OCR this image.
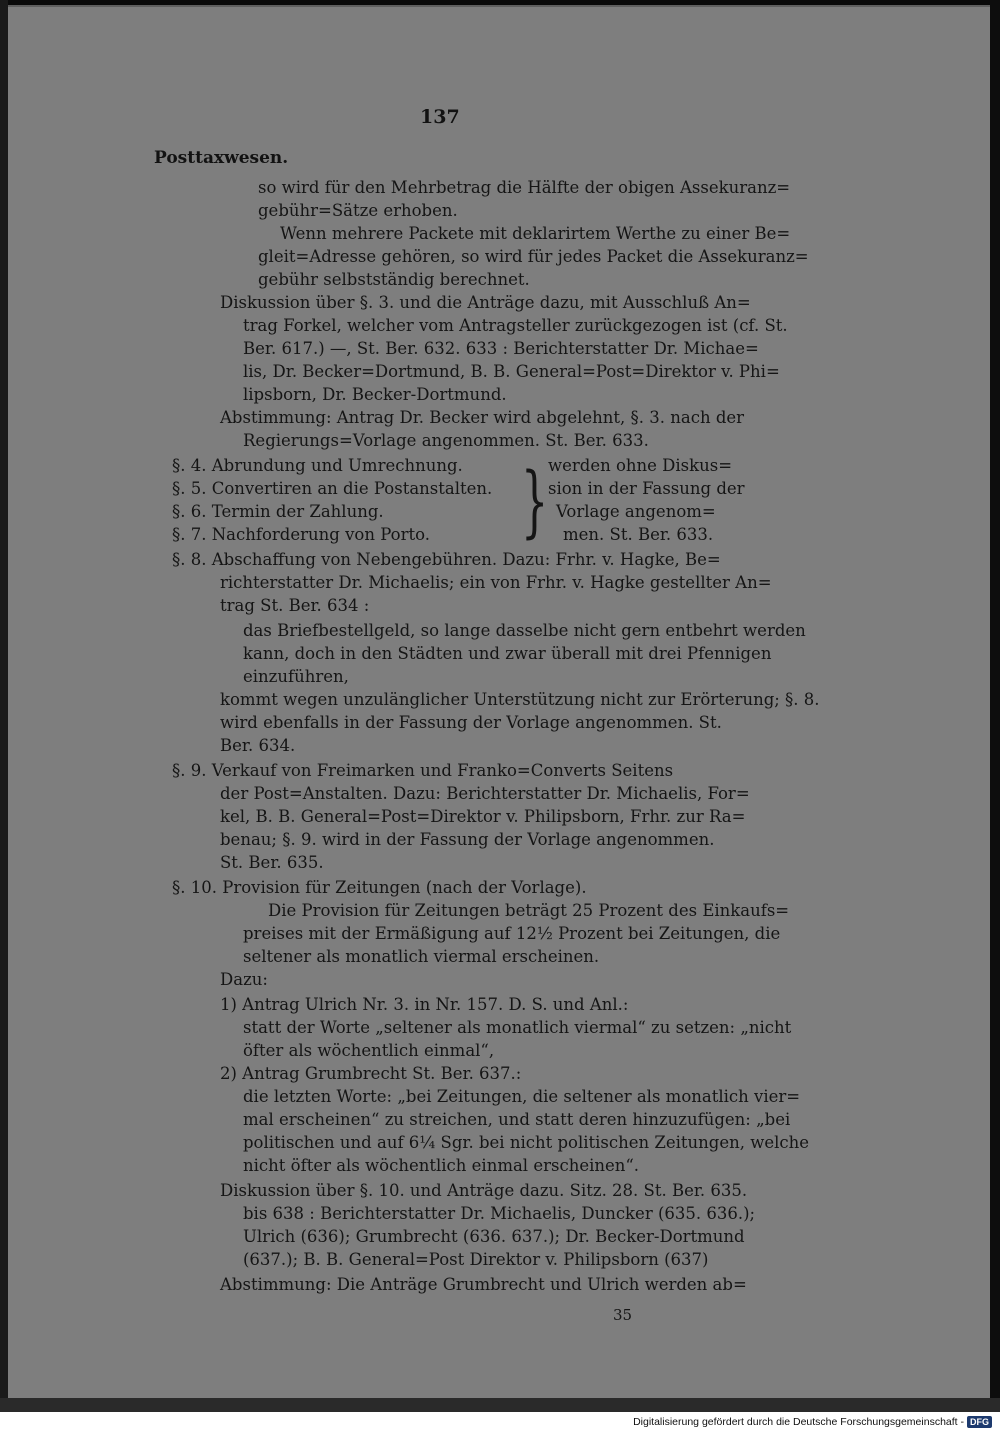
137
Posttaxwesen.
so wird für den Mehrbetrag die Hälfte der obigen Assekuranz=
gebühr=Sätze erhoben.
Wenn mehrere Packete mit deklarirtem Werthe zu einer Be=
gleit=Adresse gehören, so wird für jedes Packet die Assekuranz=
gebühr selbstständig berechnet.
Diskussion über §. 3. und die Anträge dazu, mit Ausschluß An=
trag Forkel, welcher vom Antragsteller zurückgezogen ist (cf. St.
Ber. 617.) —, St. Ber. 632. 633 : Berichterstatter Dr. Michae=
lis, Dr. Becker=Dortmund, B. B. General=Post=Direktor v. Phi=
lipsborn, Dr. Becker-Dortmund.
Abstimmung: Antrag Dr. Becker wird abgelehnt, §. 3. nach der
Regierungs=Vorlage angenommen. St. Ber. 633.
§. 4. Abrundung und Umrechnung.
§. 5. Convertiren an die Postanstalten.
§. 6. Termin der Zahlung.
§. 7. Nachforderung von Porto.
werden ohne Diskus=
sion in der Fassung der
Vorlage angenom=
men. St. Ber. 633.
§. 8. Abschaffung von Nebengebühren. Dazu: Frhr. v. Hagke, Be=
richterstatter Dr. Michaelis; ein von Frhr. v. Hagke gestellter An=
trag St. Ber. 634 :
das Briefbestellgeld, so lange dasselbe nicht gern entbehrt werden
kann, doch in den Städten und zwar überall mit drei Pfennigen
einzuführen,
kommt wegen unzulänglicher Unterstützung nicht zur Erörterung; §. 8.
wird ebenfalls in der Fassung der Vorlage angenommen. St.
Ber. 634.
§. 9. Verkauf von Freimarken und Franko=Converts Seitens
der Post=Anstalten. Dazu: Berichterstatter Dr. Michaelis, For=
kel, B. B. General=Post=Direktor v. Philipsborn, Frhr. zur Ra=
benau; §. 9. wird in der Fassung der Vorlage angenommen.
St. Ber. 635.
§. 10. Provision für Zeitungen (nach der Vorlage).
Die Provision für Zeitungen beträgt 25 Prozent des Einkaufs=
preises mit der Ermäßigung auf 12½ Prozent bei Zeitungen, die
seltener als monatlich viermal erscheinen.
Dazu:
1) Antrag Ulrich Nr. 3. in Nr. 157. D. S. und Anl.:
statt der Worte „seltener als monatlich viermal“ zu setzen: „nicht
öfter als wöchentlich einmal“,
2) Antrag Grumbrecht St. Ber. 637.:
die letzten Worte: „bei Zeitungen, die seltener als monatlich vier=
mal erscheinen“ zu streichen, und statt deren hinzuzufügen: „bei
politischen und auf 6¼ Sgr. bei nicht politischen Zeitungen, welche
nicht öfter als wöchentlich einmal erscheinen“.
Diskussion über §. 10. und Anträge dazu. Sitz. 28. St. Ber. 635.
bis 638 : Berichterstatter Dr. Michaelis, Duncker (635. 636.);
Ulrich (636); Grumbrecht (636. 637.); Dr. Becker-Dortmund
(637.); B. B. General=Post Direktor v. Philipsborn (637)
Abstimmung: Die Anträge Grumbrecht und Ulrich werden ab=
}
35
Digitalisierung gefördert durch die Deutsche Forschungsgemeinschaft - DFG
